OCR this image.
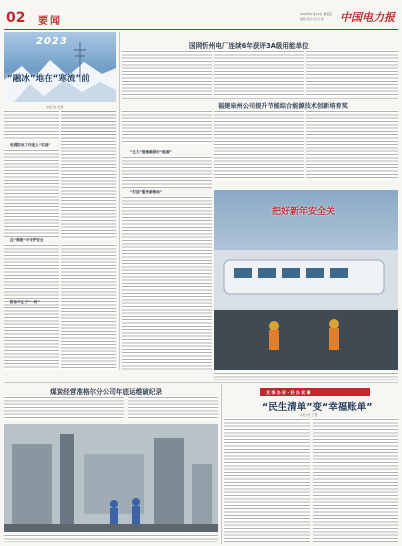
02 要闻
2023年1月13日 星期五
编辑 组文 校对 杨 中国电力报
2023
“融冰”地在“寒流”前
本报记者 刘 倩
电网防冰工作进入“实战”
在“寒流”中守护安全
防冰不止于“一时”
国网忻州电厂连续6年获评3A级用能单位
福建泉州公司提升节能综合能源技术创新培育奖
“五大”措施确保行“能源”
“打造”服务新格局”
把好新年安全关
煤炭经营准格尔分公司年底运维破纪录	支 季 办 好 · 好 办 实 事
“民生清单”变“幸福账单”
本报记者 王 雅
